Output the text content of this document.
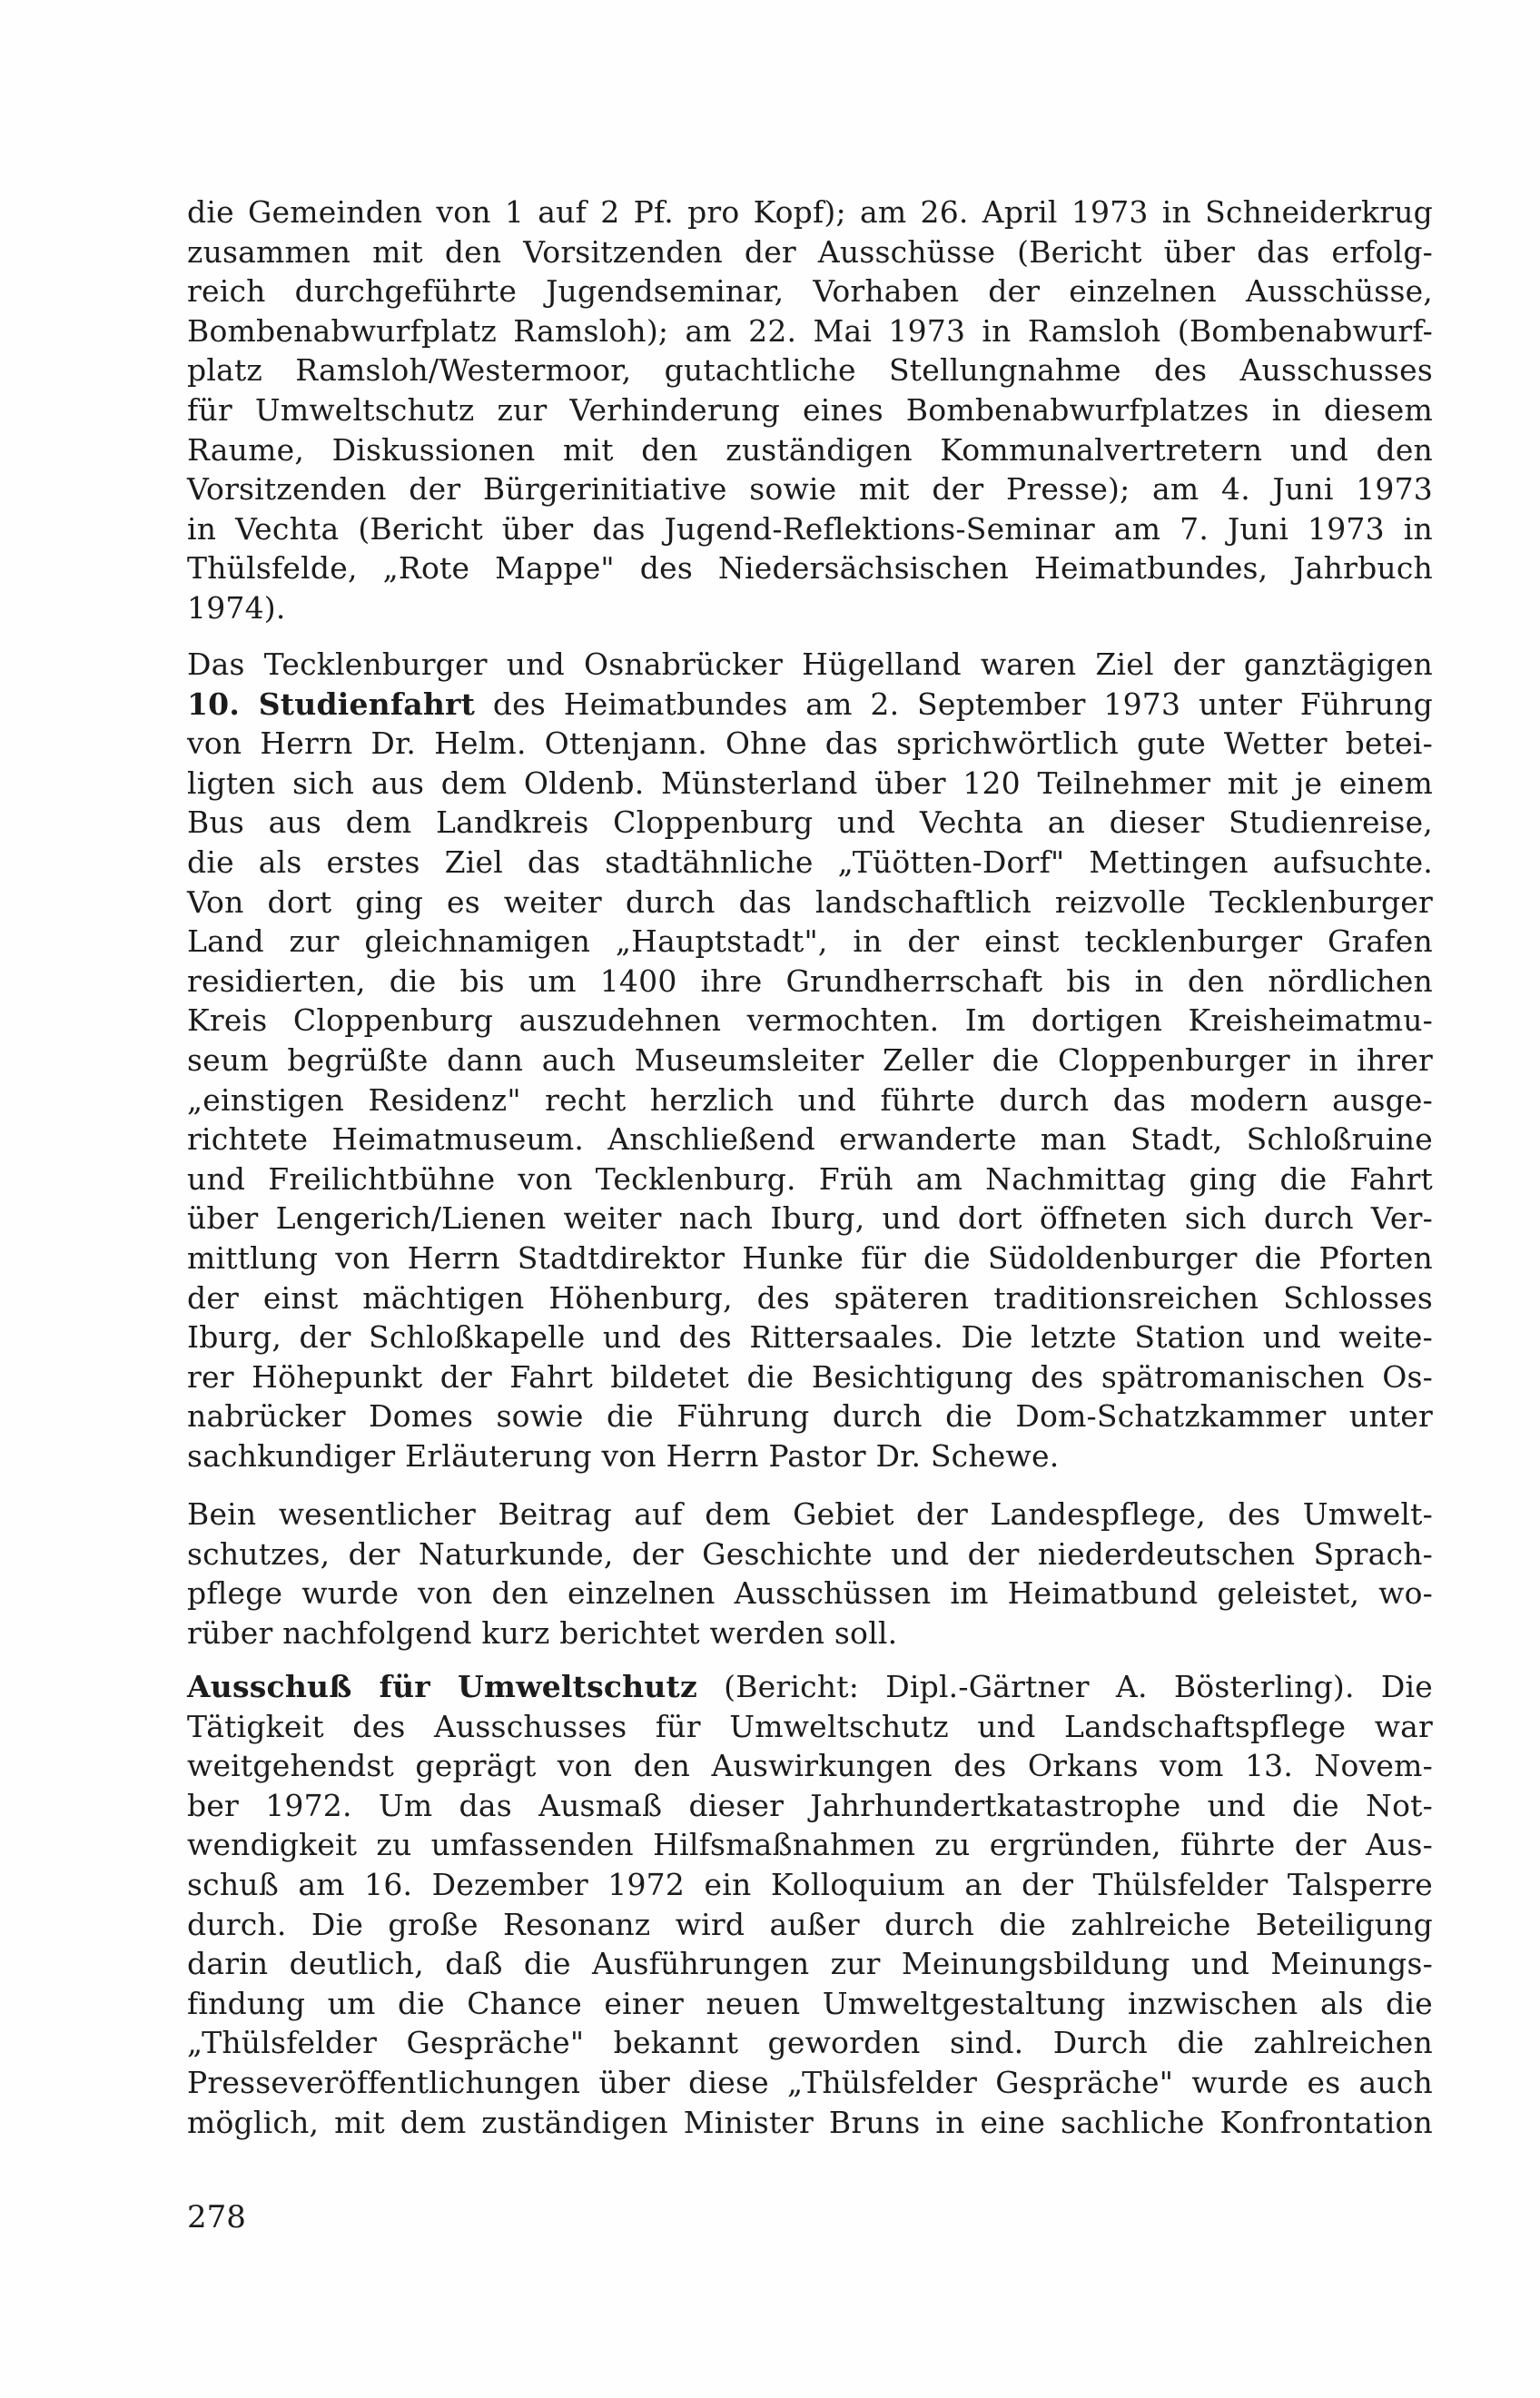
die Gemeinden von 1 auf 2 Pf. pro Kopf); am 26. April 1973 in Schneiderkrug
zusammen mit den Vorsitzenden der Ausschüsse (Bericht über das erfolg-
reich durchgeführte Jugendseminar, Vorhaben der einzelnen Ausschüsse,
Bombenabwurfplatz Ramsloh); am 22. Mai 1973 in Ramsloh (Bombenabwurf-
platz Ramsloh/Westermoor, gutachtliche Stellungnahme des Ausschusses
für Umweltschutz zur Verhinderung eines Bombenabwurfplatzes in diesem
Raume, Diskussionen mit den zuständigen Kommunalvertretern und den
Vorsitzenden der Bürgerinitiative sowie mit der Presse); am 4. Juni 1973
in Vechta (Bericht über das Jugend-Reflektions-Seminar am 7. Juni 1973 in
Thülsfelde, „Rote Mappe" des Niedersächsischen Heimatbundes, Jahrbuch
1974).
Das Tecklenburger und Osnabrücker Hügelland waren Ziel der ganztägigen
10. Studienfahrt des Heimatbundes am 2. September 1973 unter Führung
von Herrn Dr. Helm. Ottenjann. Ohne das sprichwörtlich gute Wetter betei-
ligten sich aus dem Oldenb. Münsterland über 120 Teilnehmer mit je einem
Bus aus dem Landkreis Cloppenburg und Vechta an dieser Studienreise,
die als erstes Ziel das stadtähnliche „Tüötten-Dorf" Mettingen aufsuchte.
Von dort ging es weiter durch das landschaftlich reizvolle Tecklenburger
Land zur gleichnamigen „Hauptstadt", in der einst tecklenburger Grafen
residierten, die bis um 1400 ihre Grundherrschaft bis in den nördlichen
Kreis Cloppenburg auszudehnen vermochten. Im dortigen Kreisheimatmu-
seum begrüßte dann auch Museumsleiter Zeller die Cloppenburger in ihrer
„einstigen Residenz" recht herzlich und führte durch das modern ausge-
richtete Heimatmuseum. Anschließend erwanderte man Stadt, Schloßruine
und Freilichtbühne von Tecklenburg. Früh am Nachmittag ging die Fahrt
über Lengerich/Lienen weiter nach Iburg, und dort öffneten sich durch Ver-
mittlung von Herrn Stadtdirektor Hunke für die Südoldenburger die Pforten
der einst mächtigen Höhenburg, des späteren traditionsreichen Schlosses
Iburg, der Schloßkapelle und des Rittersaales. Die letzte Station und weite-
rer Höhepunkt der Fahrt bildetet die Besichtigung des spätromanischen Os-
nabrücker Domes sowie die Führung durch die Dom-Schatzkammer unter
sachkundiger Erläuterung von Herrn Pastor Dr. Schewe.
Bein wesentlicher Beitrag auf dem Gebiet der Landespflege, des Umwelt-
schutzes, der Naturkunde, der Geschichte und der niederdeutschen Sprach-
pflege wurde von den einzelnen Ausschüssen im Heimatbund geleistet, wo-
rüber nachfolgend kurz berichtet werden soll.
Ausschuß für Umweltschutz (Bericht: Dipl.-Gärtner A. Bösterling). Die
Tätigkeit des Ausschusses für Umweltschutz und Landschaftspflege war
weitgehendst geprägt von den Auswirkungen des Orkans vom 13. Novem-
ber 1972. Um das Ausmaß dieser Jahrhundertkatastrophe und die Not-
wendigkeit zu umfassenden Hilfsmaßnahmen zu ergründen, führte der Aus-
schuß am 16. Dezember 1972 ein Kolloquium an der Thülsfelder Talsperre
durch. Die große Resonanz wird außer durch die zahlreiche Beteiligung
darin deutlich, daß die Ausführungen zur Meinungsbildung und Meinungs-
findung um die Chance einer neuen Umweltgestaltung inzwischen als die
„Thülsfelder Gespräche" bekannt geworden sind. Durch die zahlreichen
Presseveröffentlichungen über diese „Thülsfelder Gespräche" wurde es auch
möglich, mit dem zuständigen Minister Bruns in eine sachliche Konfrontation
278
